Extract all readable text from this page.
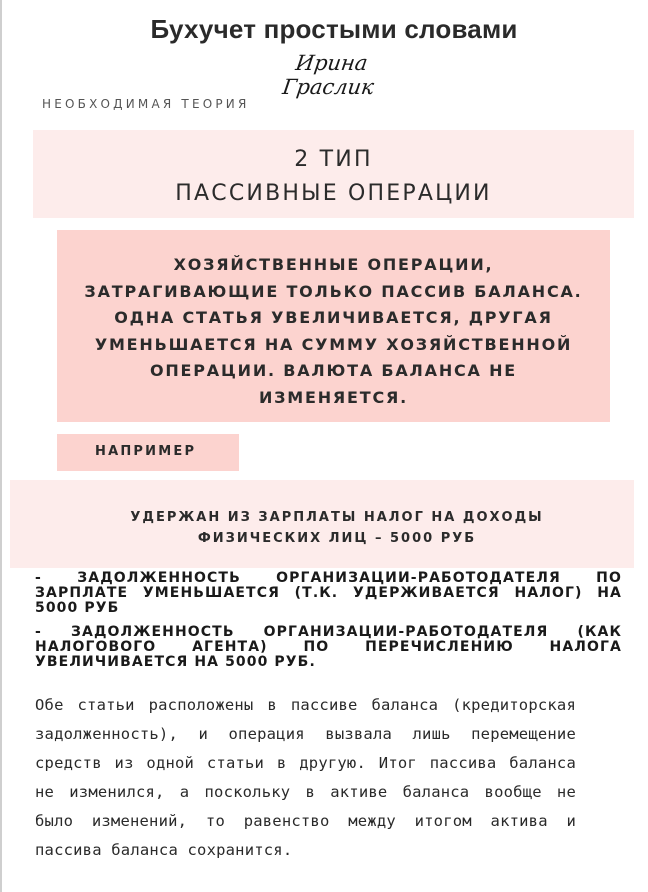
Бухучет простыми словами
Ирина Граслик
НЕОБХОДИМАЯ ТЕОРИЯ
2 ТИП
ПАССИВНЫЕ ОПЕРАЦИИ
ХОЗЯЙСТВЕННЫЕ ОПЕРАЦИИ, ЗАТРАГИВАЮЩИЕ ТОЛЬКО ПАССИВ БАЛАНСА. ОДНА СТАТЬЯ УВЕЛИЧИВАЕТСЯ, ДРУГАЯ УМЕНЬШАЕТСЯ НА СУММУ ХОЗЯЙСТВЕННОЙ ОПЕРАЦИИ. ВАЛЮТА БАЛАНСА НЕ ИЗМЕНЯЕТСЯ.
НАПРИМЕР
УДЕРЖАН ИЗ ЗАРПЛАТЫ НАЛОГ НА ДОХОДЫ
ФИЗИЧЕСКИХ ЛИЦ – 5000 РУБ
- ЗАДОЛЖЕННОСТЬ ОРГАНИЗАЦИИ-РАБОТОДАТЕЛЯ ПО ЗАРПЛАТЕ УМЕНЬШАЕТСЯ (Т.К. УДЕРЖИВАЕТСЯ НАЛОГ) НА 5000 РУБ
- ЗАДОЛЖЕННОСТЬ ОРГАНИЗАЦИИ-РАБОТОДАТЕЛЯ (КАК НАЛОГОВОГО АГЕНТА) ПО ПЕРЕЧИСЛЕНИЮ НАЛОГА УВЕЛИЧИВАЕТСЯ НА 5000 РУБ.
Обе статьи расположены в пассиве баланса (кредиторская задолженность), и операция вызвала лишь перемещение средств из одной статьи в другую. Итог пассива баланса не изменился, а поскольку в активе баланса вообще не было изменений, то равенство между итогом актива и пассива баланса сохранится.
